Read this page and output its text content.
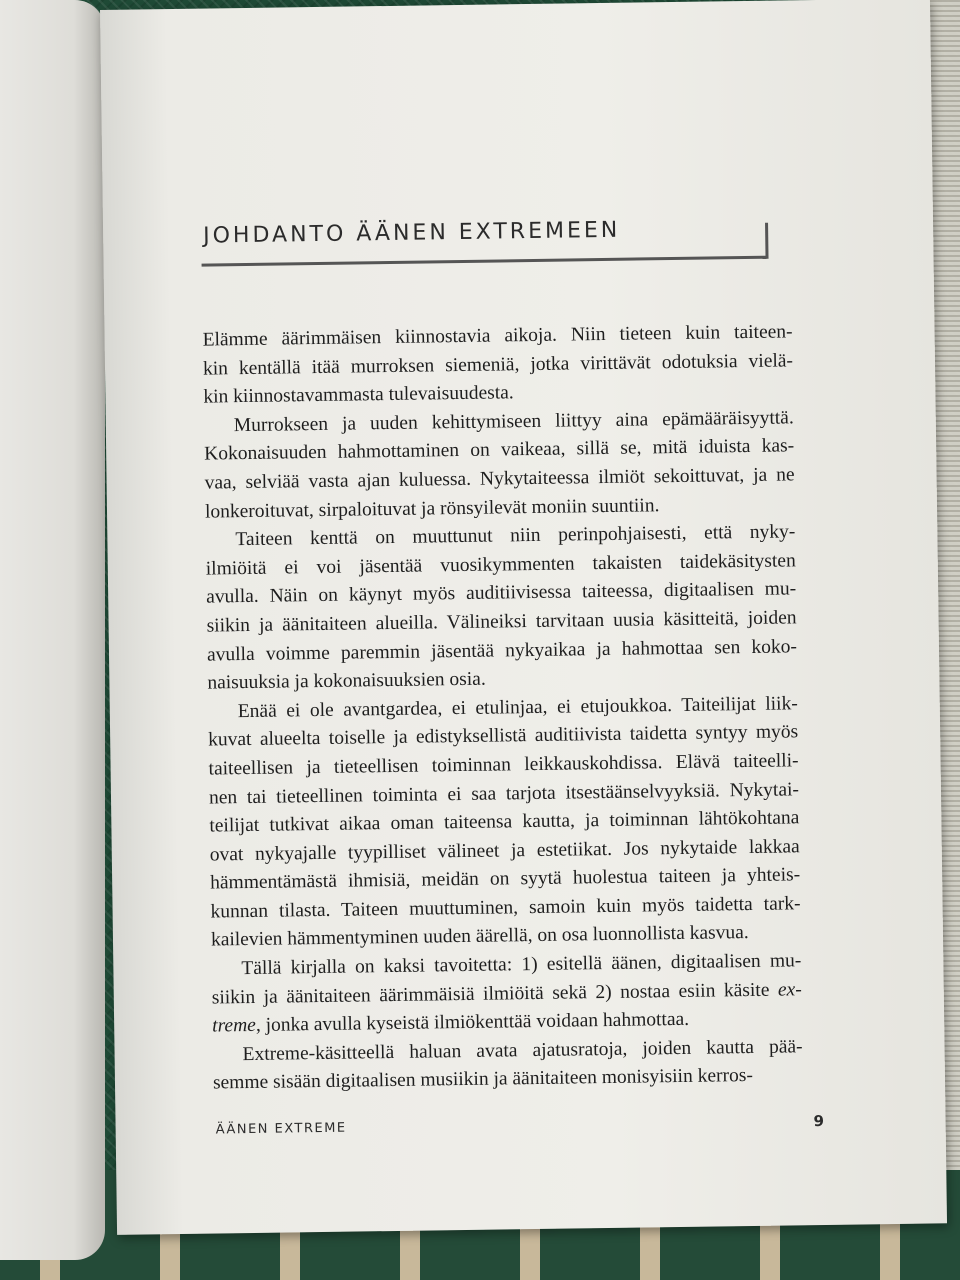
JOHDANTO ÄÄNEN EXTREMEEN
Elämme äärimmäisen kiinnostavia aikoja. Niin tieteen kuin taiteen-
kin kentällä itää murroksen siemeniä, jotka virittävät odotuksia vielä-
kin kiinnostavammasta tulevaisuudesta.
Murrokseen ja uuden kehittymiseen liittyy aina epämääräisyyttä.
Kokonaisuuden hahmottaminen on vaikeaa, sillä se, mitä iduista kas-
vaa, selviää vasta ajan kuluessa. Nykytaiteessa ilmiöt sekoittuvat, ja ne
lonkeroituvat, sirpaloituvat ja rönsyilevät moniin suuntiin.
Taiteen kenttä on muuttunut niin perinpohjaisesti, että nyky-
ilmiöitä ei voi jäsentää vuosikymmenten takaisten taidekäsitysten
avulla. Näin on käynyt myös auditiivisessa taiteessa, digitaalisen mu-
siikin ja äänitaiteen alueilla. Välineiksi tarvitaan uusia käsitteitä, joiden
avulla voimme paremmin jäsentää nykyaikaa ja hahmottaa sen koko-
naisuuksia ja kokonaisuuksien osia.
Enää ei ole avantgardea, ei etulinjaa, ei etujoukkoa. Taiteilijat liik-
kuvat alueelta toiselle ja edistyksellistä auditiivista taidetta syntyy myös
taiteellisen ja tieteellisen toiminnan leikkauskohdissa. Elävä taiteelli-
nen tai tieteellinen toiminta ei saa tarjota itsestäänselvyyksiä. Nykytai-
teilijat tutkivat aikaa oman taiteensa kautta, ja toiminnan lähtökohtana
ovat nykyajalle tyypilliset välineet ja estetiikat. Jos nykytaide lakkaa
hämmentämästä ihmisiä, meidän on syytä huolestua taiteen ja yhteis-
kunnan tilasta. Taiteen muuttuminen, samoin kuin myös taidetta tark-
kailevien hämmentyminen uuden äärellä, on osa luonnollista kasvua.
Tällä kirjalla on kaksi tavoitetta: 1) esitellä äänen, digitaalisen mu-
siikin ja äänitaiteen äärimmäisiä ilmiöitä sekä 2) nostaa esiin käsite ex-
treme, jonka avulla kyseistä ilmiökenttää voidaan hahmottaa.
Extreme-käsitteellä haluan avata ajatusratoja, joiden kautta pää-
semme sisään digitaalisen musiikin ja äänitaiteen monisyisiin kerros-
ÄÄNEN EXTREME	9
